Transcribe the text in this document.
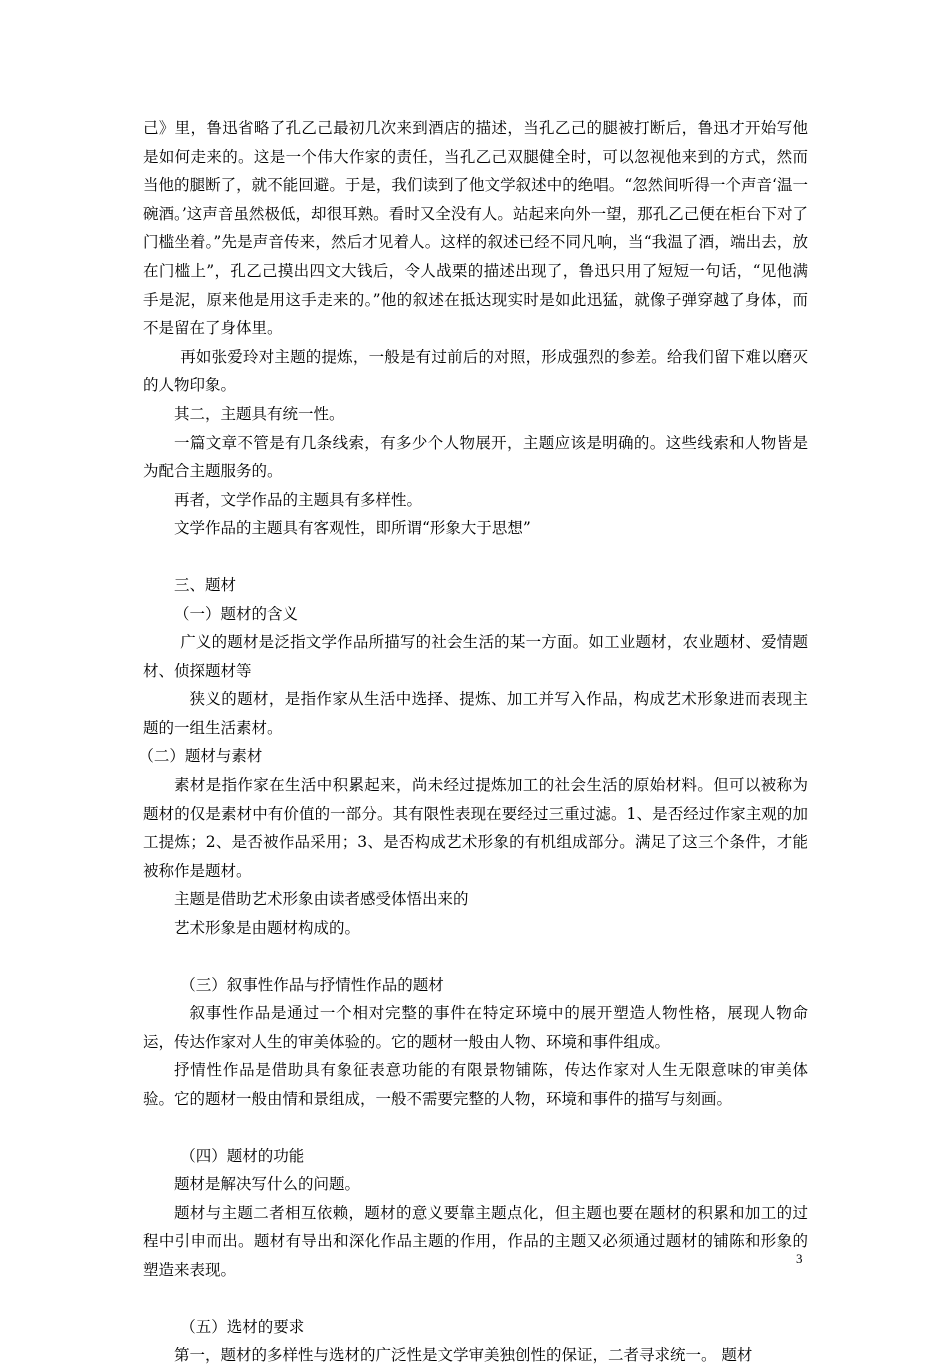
己》里，鲁迅省略了孔乙己最初几次来到酒店的描述，当孔乙己的腿被打断后，鲁迅才开始写他是如何走来的。这是一个伟大作家的责任，当孔乙己双腿健全时，可以忽视他来到的方式，然而当他的腿断了，就不能回避。于是，我们读到了他文学叙述中的绝唱。“忽然间听得一个声音‘温一碗酒。’这声音虽然极低，却很耳熟。看时又全没有人。站起来向外一望，那孔乙己便在柜台下对了门槛坐着。”先是声音传来，然后才见着人。这样的叙述已经不同凡响，当“我温了酒，端出去，放在门槛上”，孔乙己摸出四文大钱后，令人战栗的描述出现了，鲁迅只用了短短一句话，“见他满手是泥，原来他是用这手走来的。”他的叙述在抵达现实时是如此迅猛，就像子弹穿越了身体，而不是留在了身体里。

再如张爱玲对主题的提炼，一般是有过前后的对照，形成强烈的参差。给我们留下难以磨灭的人物印象。

其二，主题具有统一性。

一篇文章不管是有几条线索，有多少个人物展开，主题应该是明确的。这些线索和人物皆是为配合主题服务的。

再者，文学作品的主题具有多样性。

文学作品的主题具有客观性，即所谓“形象大于思想”

三、题材

（一）题材的含义

广义的题材是泛指文学作品所描写的社会生活的某一方面。如工业题材，农业题材、爱情题材、侦探题材等

狭义的题材，是指作家从生活中选择、提炼、加工并写入作品，构成艺术形象进而表现主题的一组生活素材。

（二）题材与素材

素材是指作家在生活中积累起来，尚未经过提炼加工的社会生活的原始材料。但可以被称为题材的仅是素材中有价值的一部分。其有限性表现在要经过三重过滤。1、是否经过作家主观的加工提炼；2、是否被作品采用；3、是否构成艺术形象的有机组成部分。满足了这三个条件，才能被称作是题材。

主题是借助艺术形象由读者感受体悟出来的

艺术形象是由题材构成的。

（三）叙事性作品与抒情性作品的题材

叙事性作品是通过一个相对完整的事件在特定环境中的展开塑造人物性格，展现人物命运，传达作家对人生的审美体验的。它的题材一般由人物、环境和事件组成。

抒情性作品是借助具有象征表意功能的有限景物铺陈，传达作家对人生无限意味的审美体验。它的题材一般由情和景组成，一般不需要完整的人物，环境和事件的描写与刻画。

（四）题材的功能

题材是解决写什么的问题。

题材与主题二者相互依赖，题材的意义要靠主题点化，但主题也要在题材的积累和加工的过程中引申而出。题材有导出和深化作品主题的作用，作品的主题又必须通过题材的铺陈和形象的塑造来表现。

（五）选材的要求

第一，题材的多样性与选材的广泛性是文学审美独创性的保证，二者寻求统一。 题材

3
